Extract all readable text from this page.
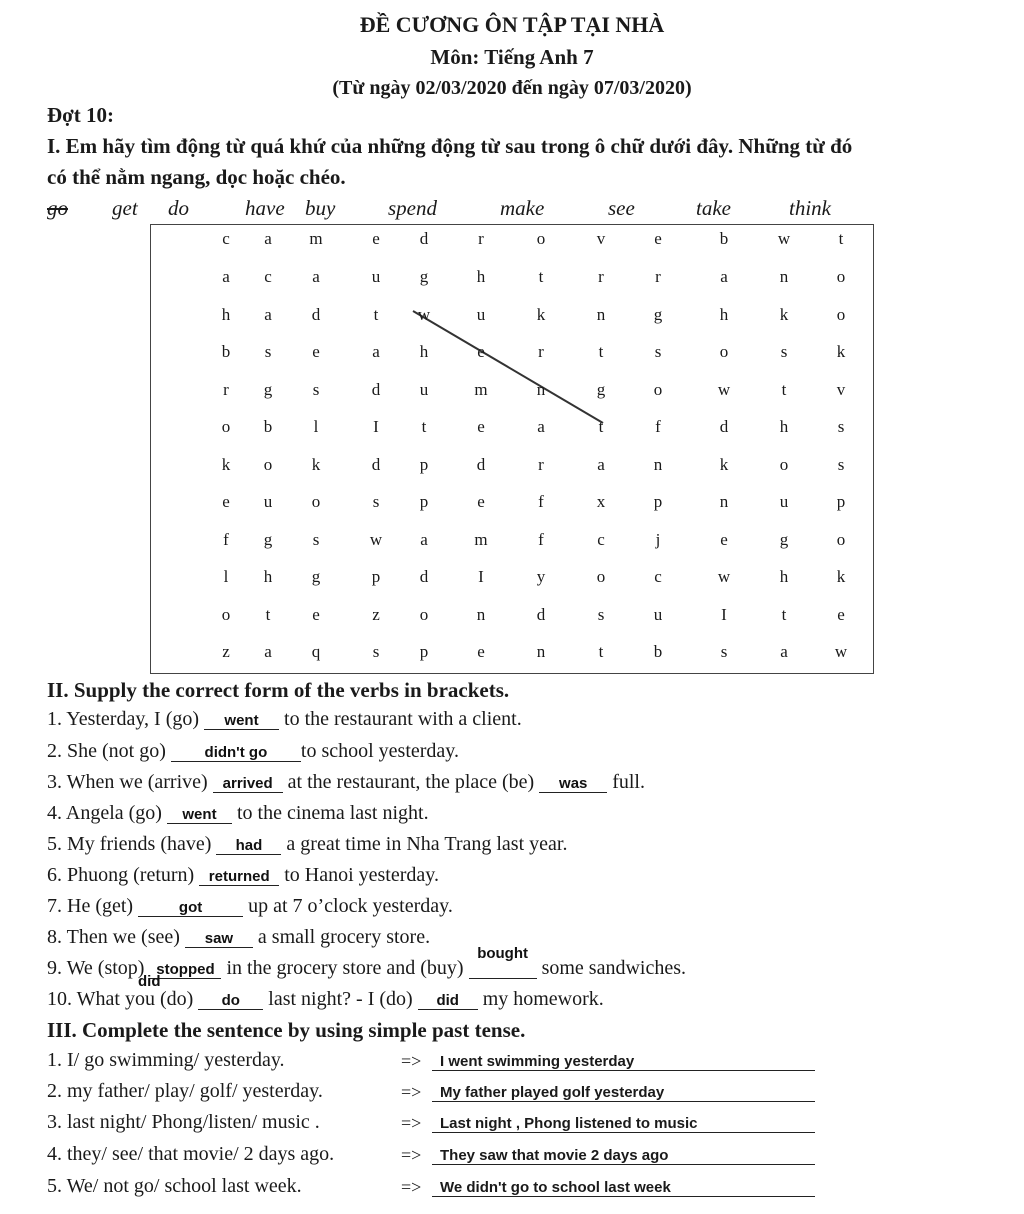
ĐỀ CƯƠNG ÔN TẬP TẠI NHÀ
Môn: Tiếng Anh 7
(Từ ngày 02/03/2020 đến ngày 07/03/2020)
Đợt 10:
I. Em hãy tìm động từ quá khứ của những động từ sau trong ô chữ dưới đây. Những từ đó
có thể nằm ngang, dọc hoặc chéo.
go get do	have buy	spend	make	see	take	think
c a m	e d	r	o	v	e	b	w	t
a c a	u g	h	t	r	r	a	n	o
h a d	t w	u	k	n	g	h	k	o
b s e	a h	e	r	t	s	o	s	k
r g s	d u	m	n	g	o	w	t	v
o b l	I	t	e	a	t	f	d	h	s
k o k	d p	d	r	a	n	k	o	s
e u o	s p	e	f	x	p	n	u	p
f g s	w a	m	f	c	j	e	g	o
l h g	p d	I	y	o	c	w	h	k
o t e	z o	n	d	s	u	I	t	e
z a q	s p	e	n	t	b	s	a	w
II. Supply the correct form of the verbs in brackets.
1. Yesterday, I (go) went to the restaurant with a client.
2. She (not go) didn't go to school yesterday.
3. When we (arrive) arrived at the restaurant, the place (be) was full.
4. Angela (go) went to the cinema last night.
5. My friends (have) had a great time in Nha Trang last year.
6. Phuong (return) returned to Hanoi yesterday.
7. He (get)	got up at 7 o’clock yesterday.
8. Then we (see) saw a small grocery store.
9. We (stop) stopped in the grocery store and (buy)
bought
some sandwiches.
10. What you (do) do last night? - I (do) did my homework.
did
III. Complete the sentence by using simple past tense.
1. I/ go swimming/ yesterday.	=>	I went swimming yesterday
2. my father/ play/ golf/ yesterday.	=>	My father played golf yesterday
3. last night/ Phong/listen/ music .	=>	Last night , Phong listened to music
4. they/ see/ that movie/ 2 days ago.	=>	They saw that movie 2 days ago
5. We/ not go/ school last week.	=>	We didn't go to school last week
